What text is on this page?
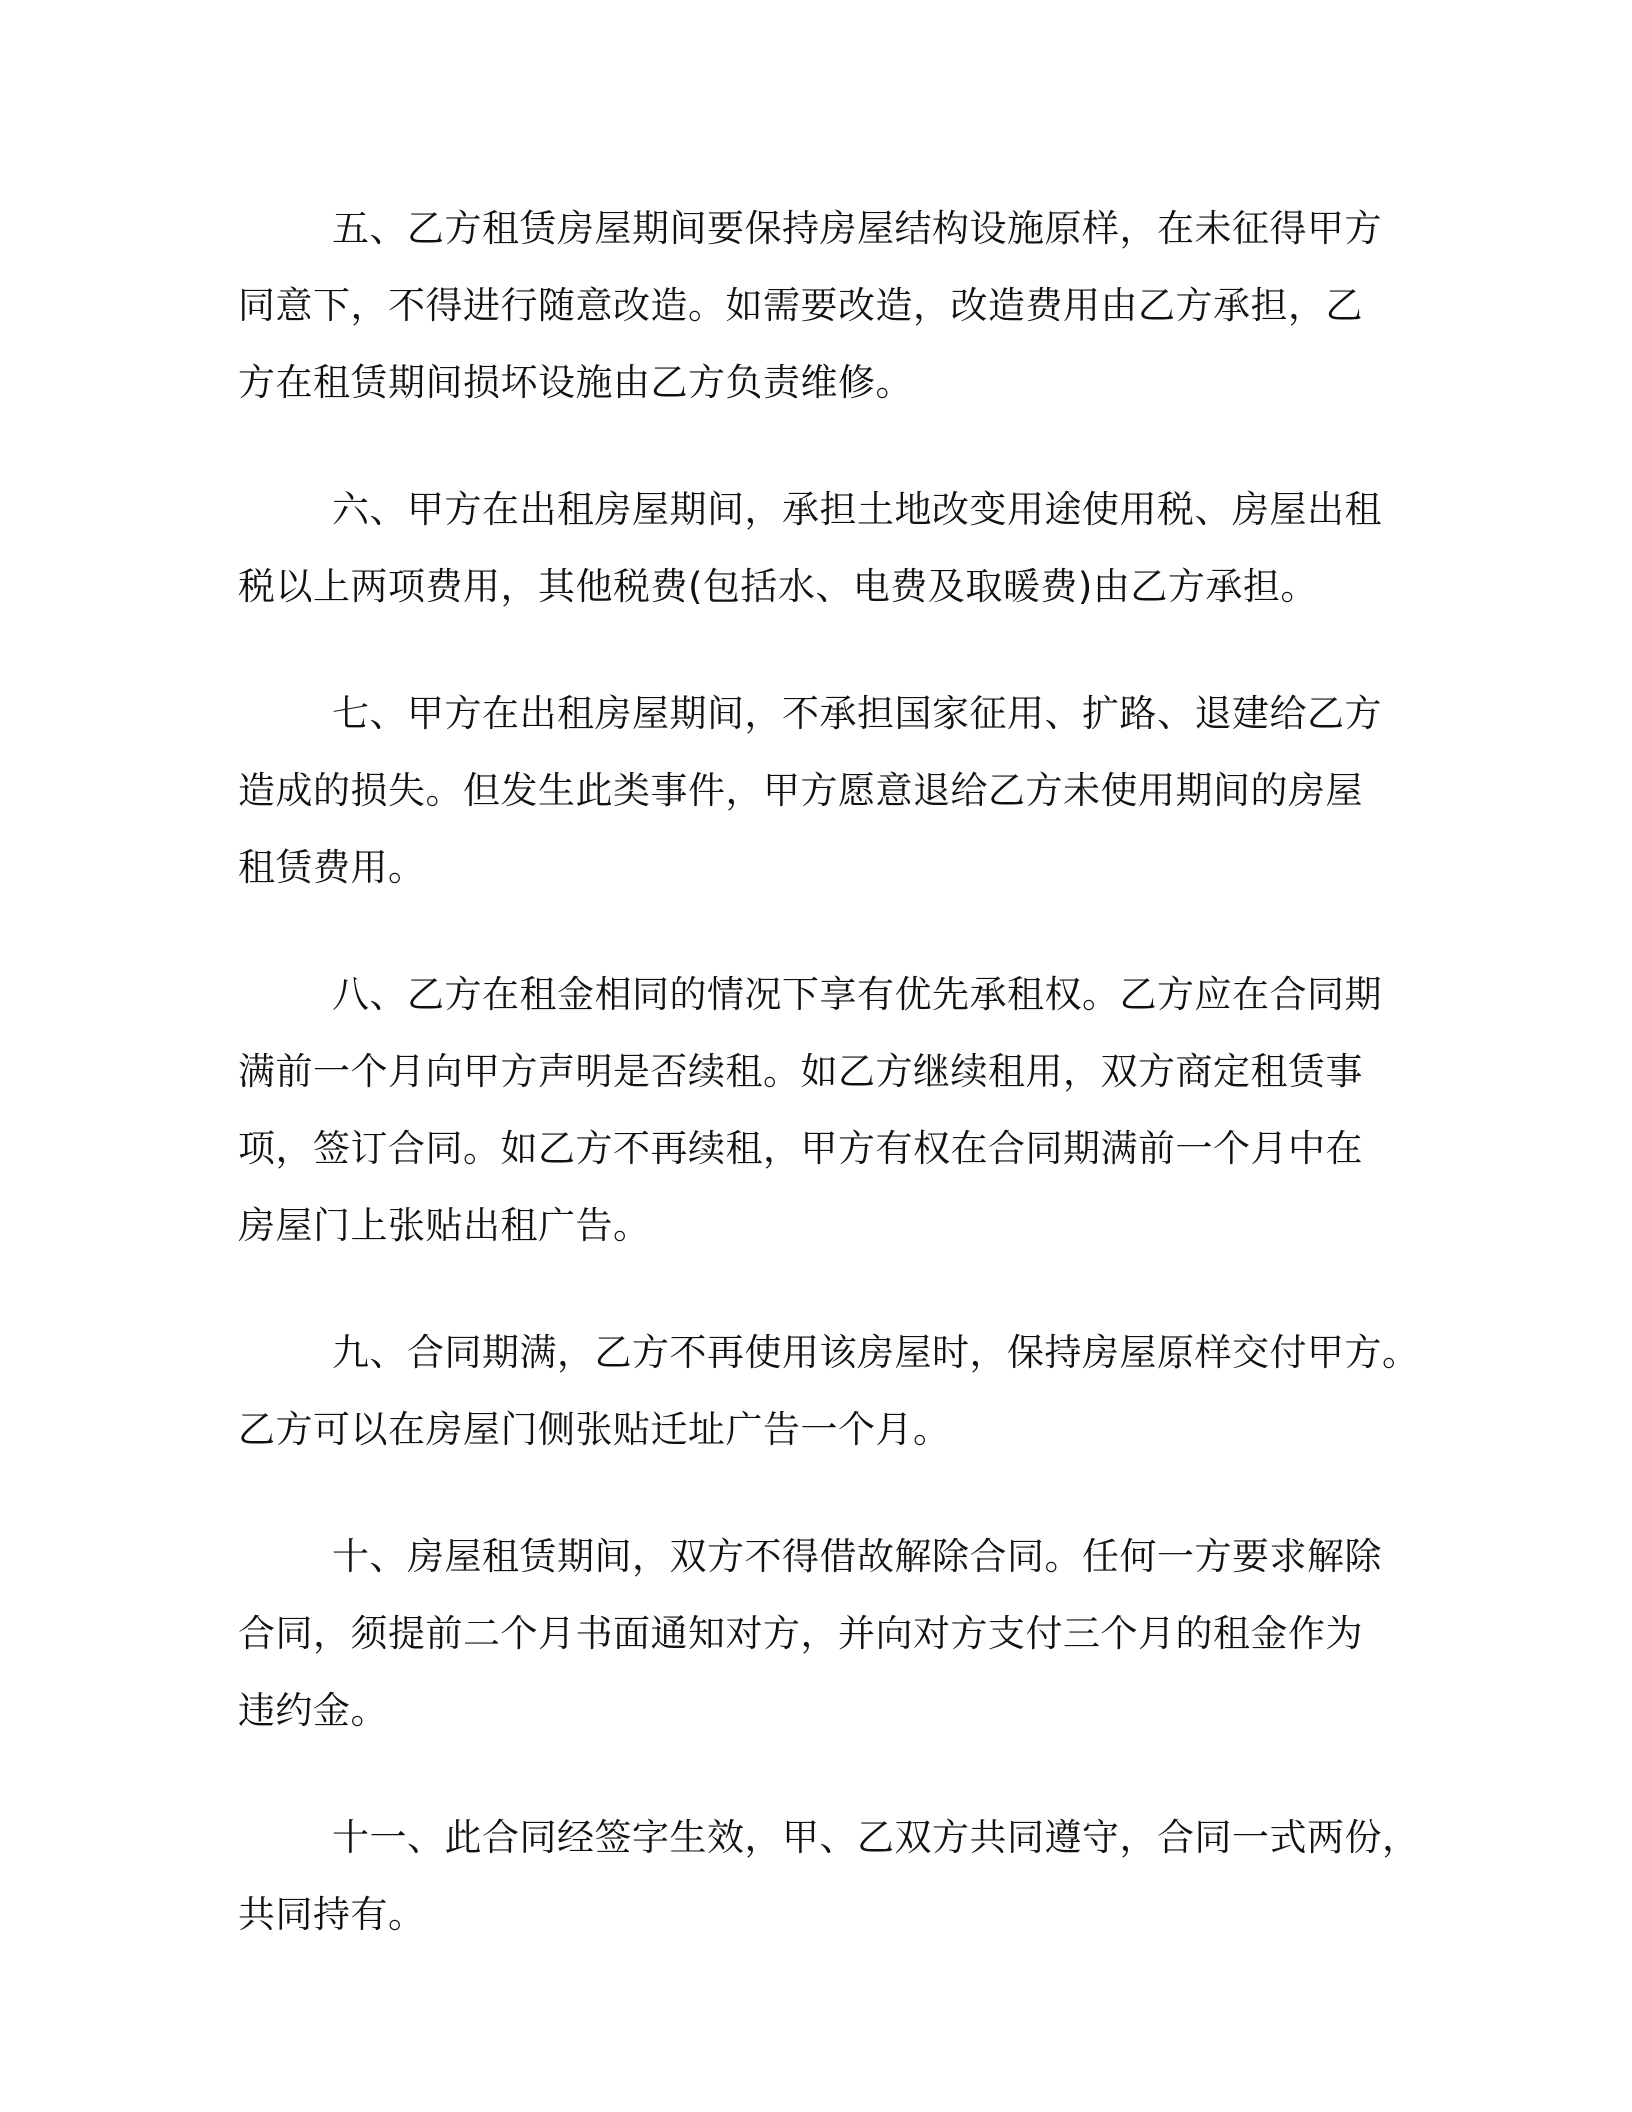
五、乙方租赁房屋期间要保持房屋结构设施原样，在未征得甲方
同意下，不得进行随意改造。如需要改造，改造费用由乙方承担，乙
方在租赁期间损坏设施由乙方负责维修。

六、甲方在出租房屋期间，承担土地改变用途使用税、房屋出租
税以上两项费用，其他税费(包括水、电费及取暖费)由乙方承担。

七、甲方在出租房屋期间，不承担国家征用、扩路、退建给乙方
造成的损失。但发生此类事件，甲方愿意退给乙方未使用期间的房屋
租赁费用。

八、乙方在租金相同的情况下享有优先承租权。乙方应在合同期
满前一个月向甲方声明是否续租。如乙方继续租用，双方商定租赁事
项，签订合同。如乙方不再续租，甲方有权在合同期满前一个月中在
房屋门上张贴出租广告。

九、合同期满，乙方不再使用该房屋时，保持房屋原样交付甲方。
乙方可以在房屋门侧张贴迁址广告一个月。

十、房屋租赁期间，双方不得借故解除合同。任何一方要求解除
合同，须提前二个月书面通知对方，并向对方支付三个月的租金作为
违约金。

十一、此合同经签字生效，甲、乙双方共同遵守，合同一式两份，
共同持有。
